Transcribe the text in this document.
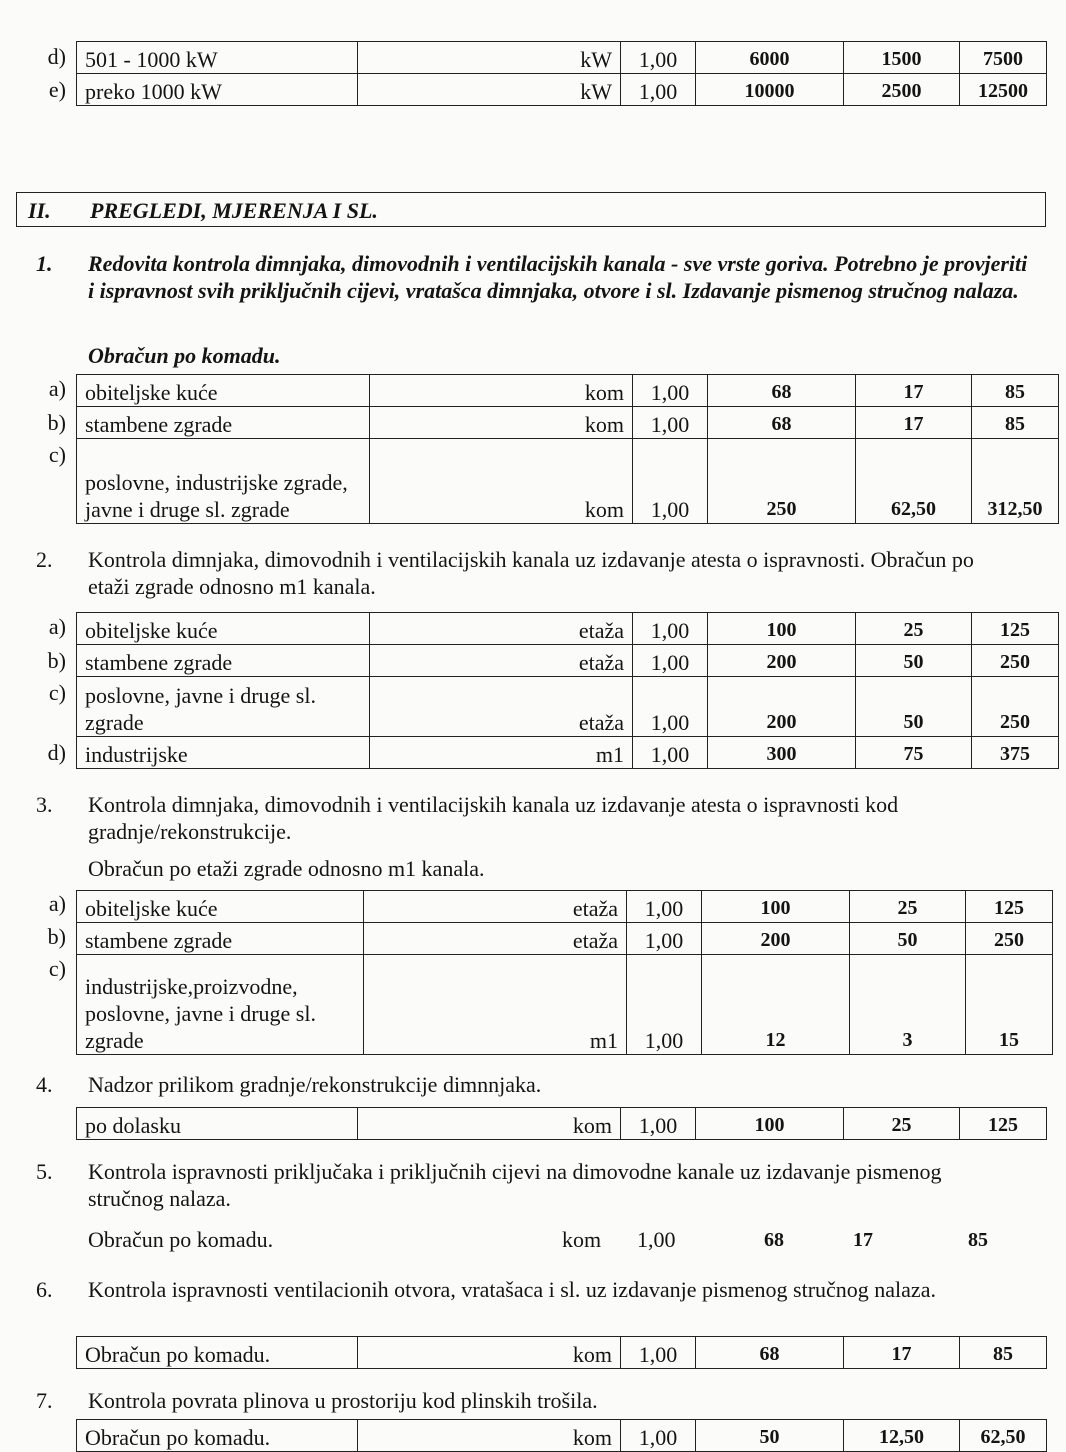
d)
e)
501 - 1000 kW	kW	1,00	6000	1500	7500
preko 1000 kW	kW	1,00	10000	2500	12500
II. PREGLEDI, MJERENJA I SL.
1. Redovita kontrola dimnjaka, dimovodnih i ventilacijskih kanala - sve vrste goriva. Potrebno je provjeriti i ispravnost svih priključnih cijevi, vratašca dimnjaka, otvore i sl. Izdavanje pismenog stručnog nalaza.
Obračun po komadu.
a)
b)
c)
obiteljske kuće	kom	1,00	68	17	85
stambene zgrade	kom	1,00	68	17	85
poslovne, industrijske zgrade, javne i druge sl. zgrade	kom	1,00	250	62,50	312,50
2. Kontrola dimnjaka, dimovodnih i ventilacijskih kanala uz izdavanje atesta o ispravnosti. Obračun po etaži zgrade odnosno m1 kanala.
a)
b)
c)
d)
obiteljske kuće	etaža	1,00	100	25	125
stambene zgrade	etaža	1,00	200	50	250
poslovne, javne i druge sl. zgrade	etaža	1,00	200	50	250
industrijske	m1	1,00	300	75	375
3. Kontrola dimnjaka, dimovodnih i ventilacijskih kanala uz izdavanje atesta o ispravnosti kod gradnje/rekonstrukcije.
Obračun po etaži zgrade odnosno m1 kanala.
a)
b)
c)
obiteljske kuće	etaža	1,00	100	25	125
stambene zgrade	etaža	1,00	200	50	250
industrijske,proizvodne, poslovne, javne i druge sl. zgrade	m1	1,00	12	3	15
4. Nadzor prilikom gradnje/rekonstrukcije dimnnjaka.
po dolasku	kom	1,00	100	25	125
5. Kontrola ispravnosti priključaka i priključnih cijevi na dimovodne kanale uz izdavanje pismenog stručnog nalaza.
Obračun po komadu.	kom 1,00	68	17	85
6. Kontrola ispravnosti ventilacionih otvora, vratašaca i sl. uz izdavanje pismenog stručnog nalaza.
Obračun po komadu.	kom	1,00	68	17	85
7. Kontrola povrata plinova u prostoriju kod plinskih trošila.
Obračun po komadu.	kom	1,00	50	12,50	62,50
